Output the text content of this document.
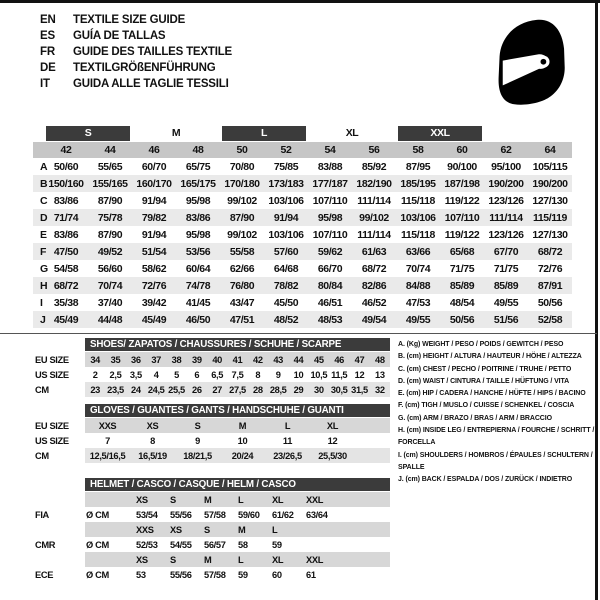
EN	TEXTILE SIZE GUIDE
ES	GUÍA DE TALLAS
FR	GUIDE DES TAILLES TEXTILE
DE	TEXTILGRÖßENFÜHRUNG
IT	GUIDA ALLE TAGLIE TESSILI
S	M	L	XL	XXL
42	44	46	48	50	52	54	56	58	60	62	64
A 50/60	55/65	60/70	65/75	70/80	75/85	83/88	85/92	87/95	90/100	95/100	105/115
B 150/160 155/165 160/170 165/175 170/180 173/183 177/187 182/190 185/195 187/198 190/200 190/200
C 83/86	87/90	91/94	95/98	99/102	103/106 107/110 111/114 115/118 119/122 123/126 127/130
D 71/74	75/78	79/82	83/86	87/90	91/94	95/98	99/102	103/106 107/110 111/114 115/119
E 83/86	87/90	91/94	95/98	99/102	103/106 107/110 111/114 115/118 119/122 123/126 127/130
F 47/50	49/52	51/54	53/56	55/58	57/60	59/62	61/63	63/66	65/68	67/70	68/72
G 54/58	56/60	58/62	60/64	62/66	64/68	66/70	68/72	70/74	71/75	71/75	72/76
H 68/72	70/74	72/76	74/78	76/80	78/82	80/84	82/86	84/88	85/89	85/89	87/91
I	35/38	37/40	39/42	41/45	43/47	45/50	46/51	46/52	47/53	48/54	49/55	50/56
J 45/49	44/48	45/49	46/50	47/51	48/52	48/53	49/54	49/55	50/56	51/56	52/58
SHOES/ ZAPATOS / CHAUSSURES / SCHUHE / SCARPE
EU SIZE	34	35	36	37	38	39	40	41	42	43	44	45	46	47	48
US SIZE	2	2,5 3,5	4	5	6	6,5 7,5	8	9	10 10,5 11,5 12	13
CM	23 23,5 24 24,5 25,5 26	27 27,5 28 28,5 29	30 30,5 31,5 32
GLOVES / GUANTES / GANTS / HANDSCHUHE / GUANTI
EU SIZE	XXS	XS	S	M	L	XL
US SIZE	7	8	9	10	11	12
CM	12,5/16,5	16,5/19	18/21,5	20/24	23/26,5	25,5/30
HELMET / CASCO / CASQUE / HELM / CASCO
XS	S	M	L	XL	XXL
FIA	Ø CM	53/54	55/56	57/58	59/60	61/62	63/64
XXS	XS	S	M	L
CMR	Ø CM	52/53	54/55	56/57	58	59
XS	S	M	L	XL	XXL
ECE	Ø CM	53	55/56	57/58	59	60	61
A. (Kg) WEIGHT / PESO / POIDS / GEWITCH / PESO
B. (cm) HEIGHT / ALTURA / HAUTEUR / HÖHE / ALTEZZA
C. (cm) CHEST / PECHO / POITRINE / TRUHE / PETTO
D. (cm) WAIST / CINTURA / TAILLE / HÜFTUNG / VITA
E. (cm) HIP / CADERA / HANCHE / HÜFTE / HIPS / BACINO
F. (cm) TIGH / MUSLO / CUISSE / SCHENKEL / COSCIA
G. (cm) ARM / BRAZO / BRAS / ARM / BRACCIO
H. (cm) INSIDE LEG / ENTREPIERNA / FOURCHE / SCHRITT / FORCELLA
I. (cm) SHOULDERS / HOMBROS / ÉPAULES / SCHULTERN / SPALLE
J. (cm) BACK / ESPALDA / DOS / ZURÜCK / INDIETRO
